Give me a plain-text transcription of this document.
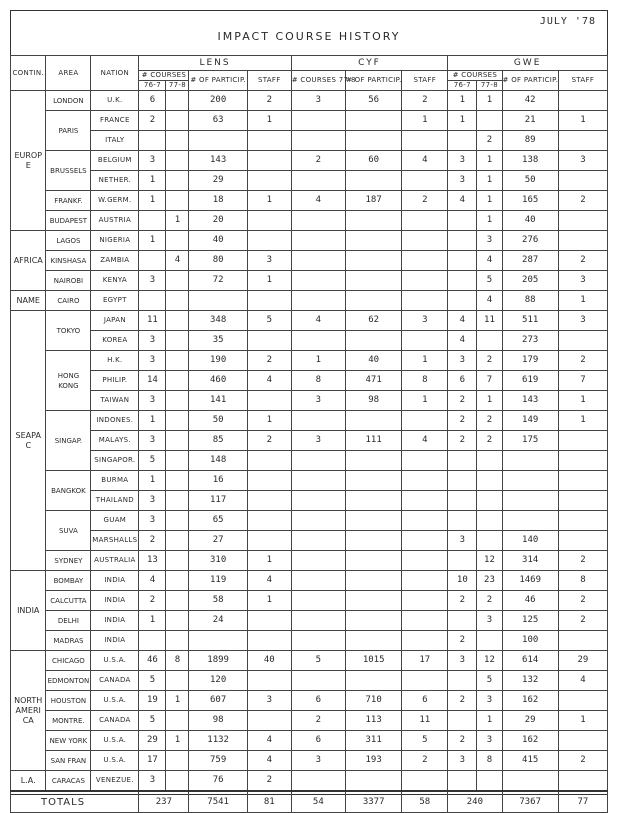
JULY '78
IMPACT COURSE HISTORY
CONTIN.	AREA	NATION	LENS				CYF			GWE			
			# COURSES		# OF PARTICIP.	STAFF	# COURSES 77-8	# OF PARTICIP.	STAFF	# COURSES		# OF PARTICIP.	STAFF
			76-7	77-8						76-7	77-8		
EUROPE	LONDON	U.K.	6		200	2	3	56	2	1	1	42	
	PARIS	FRANCE	2		63	1			1	1		21	1
		ITALY									2	89	
	BRUSSELS	BELGIUM	3		143		2	60	4	3	1	138	3
		NETHER.	1		29					3	1	50	
	FRANKF.	W.GERM.	1		18	1	4	187	2	4	1	165	2
	BUDAPEST	AUSTRIA		1	20						1	40	
AFRICA	LAGOS	NIGERIA	1		40						3	276	
	KINSHASA	ZAMBIA		4	80	3					4	287	2
	NAIROBI	KENYA	3		72	1					5	205	3
NAME	CAIRO	EGYPT									4	88	1
SEAPAC	TOKYO	JAPAN	11		348	5	4	62	3	4	11	511	3
		KOREA	3		35					4		273	
	HONG KONG	H.K.	3		190	2	1	40	1	3	2	179	2
		PHILIP.	14		460	4	8	471	8	6	7	619	7
		TAIWAN	3		141		3	98	1	2	1	143	1
	SINGAP.	INDONES.	1		50	1				2	2	149	1
		MALAYS.	3		85	2	3	111	4	2	2	175	
		SINGAPOR.	5		148								
	BANGKOK	BURMA	1		16								
		THAILAND	3		117								
	SUVA	GUAM	3		65								
		MARSHALLS	2		27					3		140	
	SYDNEY	AUSTRALIA	13		310	1					12	314	2
INDIA	BOMBAY	INDIA	4		119	4				10	23	1469	8
	CALCUTTA	INDIA	2		58	1				2	2	46	2
	DELHI	INDIA	1		24						3	125	2
	MADRAS	INDIA								2		100	
NORTH AMERICA	CHICAGO	U.S.A.	46	8	1899	40	5	1015	17	3	12	614	29
	EDMONTON	CANADA	5		120						5	132	4
	HOUSTON	U.S.A.	19	1	607	3	6	710	6	2	3	162	
	MONTRE.	CANADA	5		98		2	113	11		1	29	1
	NEW YORK	U.S.A.	29	1	1132	4	6	311	5	2	3	162	
	SAN FRAN	U.S.A.	17		759	4	3	193	2	3	8	415	2
L.A.	CARACAS	VENEZUE.	3		76	2							
TOTALS			237		7541	81	54	3377	58	240		7367	77
